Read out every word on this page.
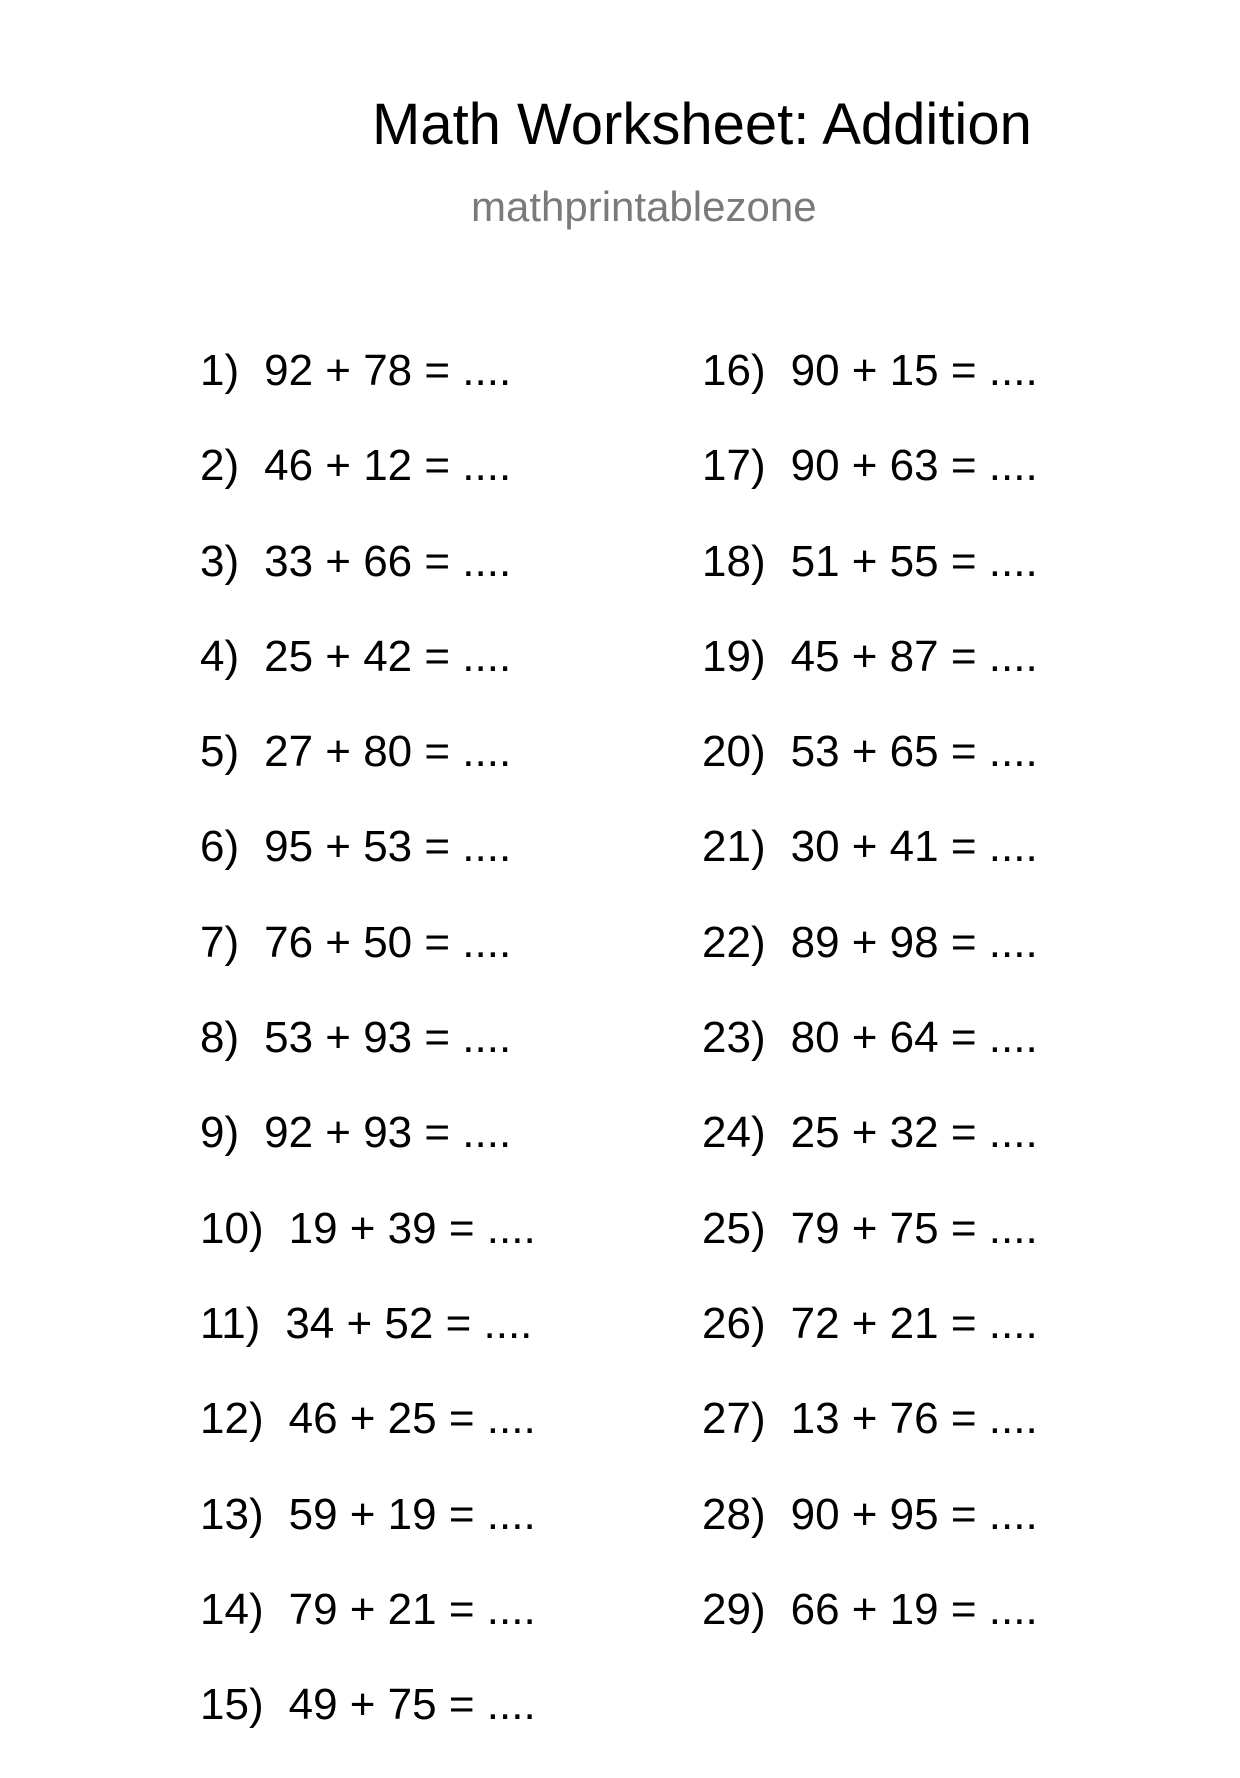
Math Worksheet: Addition
mathprintablezone
1) 92 + 78 = ....
2) 46 + 12 = ....
3) 33 + 66 = ....
4) 25 + 42 = ....
5) 27 + 80 = ....
6) 95 + 53 = ....
7) 76 + 50 = ....
8) 53 + 93 = ....
9) 92 + 93 = ....
10) 19 + 39 = ....
11) 34 + 52 = ....
12) 46 + 25 = ....
13) 59 + 19 = ....
14) 79 + 21 = ....
15) 49 + 75 = ....
16) 90 + 15 = ....
17) 90 + 63 = ....
18) 51 + 55 = ....
19) 45 + 87 = ....
20) 53 + 65 = ....
21) 30 + 41 = ....
22) 89 + 98 = ....
23) 80 + 64 = ....
24) 25 + 32 = ....
25) 79 + 75 = ....
26) 72 + 21 = ....
27) 13 + 76 = ....
28) 90 + 95 = ....
29) 66 + 19 = ....
